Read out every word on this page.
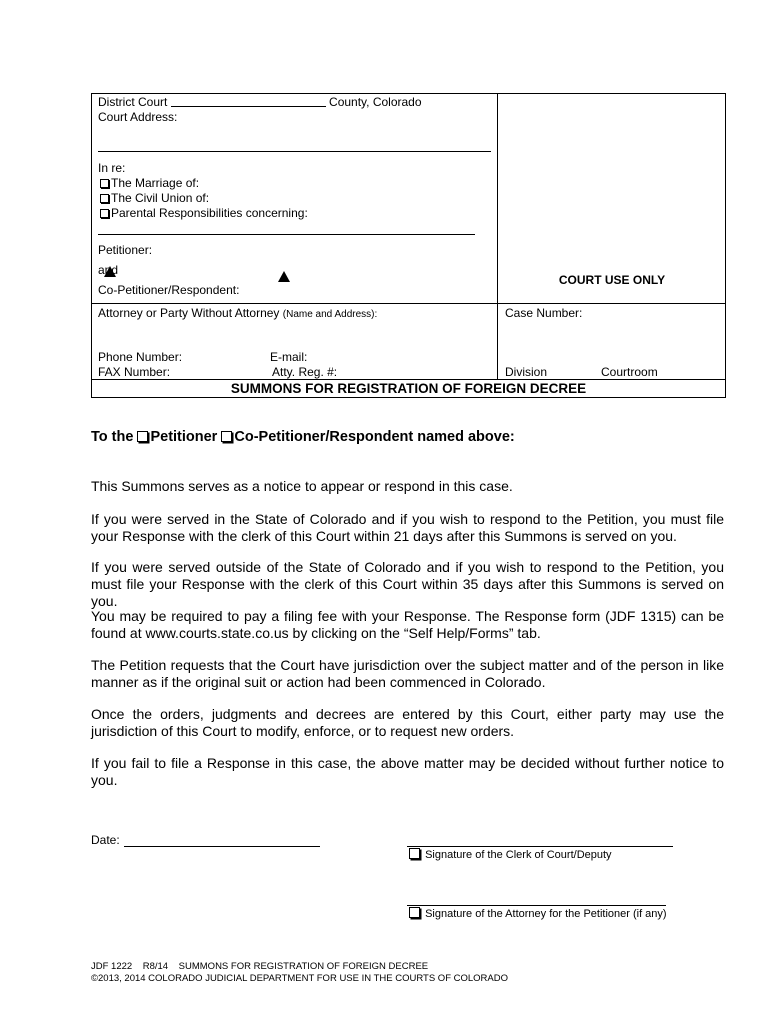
District Court	County, Colorado
Court Address:
In re:
The Marriage of:
The Civil Union of:
Parental Responsibilities concerning:
Petitioner:
and
Co-Petitioner/Respondent:
COURT USE ONLY
Attorney or Party Without Attorney (Name and Address):
Phone Number:	E-mail:
FAX Number:	Atty. Reg. #:
Case Number:
Division	Courtroom
SUMMONS FOR REGISTRATION OF FOREIGN DECREE
To the Petitioner Co-Petitioner/Respondent named above:
This Summons serves as a notice to appear or respond in this case.
If you were served in the State of Colorado and if you wish to respond to the Petition, you must file your Response with the clerk of this Court within 21 days after this Summons is served on you.
If you were served outside of the State of Colorado and if you wish to respond to the Petition, you must file your Response with the clerk of this Court within 35 days after this Summons is served on you.
You may be required to pay a filing fee with your Response. The Response form (JDF 1315) can be found at www.courts.state.co.us by clicking on the “Self Help/Forms” tab.
The Petition requests that the Court have jurisdiction over the subject matter and of the person in like manner as if the original suit or action had been commenced in Colorado.
Once the orders, judgments and decrees are entered by this Court, either party may use the jurisdiction of this Court to modify, enforce, or to request new orders.
If you fail to file a Response in this case, the above matter may be decided without further notice to you.
Date:
Signature of the Clerk of Court/Deputy
Signature of the Attorney for the Petitioner (if any)
JDF 1222    R8/14    SUMMONS FOR REGISTRATION OF FOREIGN DECREE
©2013, 2014 COLORADO JUDICIAL DEPARTMENT FOR USE IN THE COURTS OF COLORADO
